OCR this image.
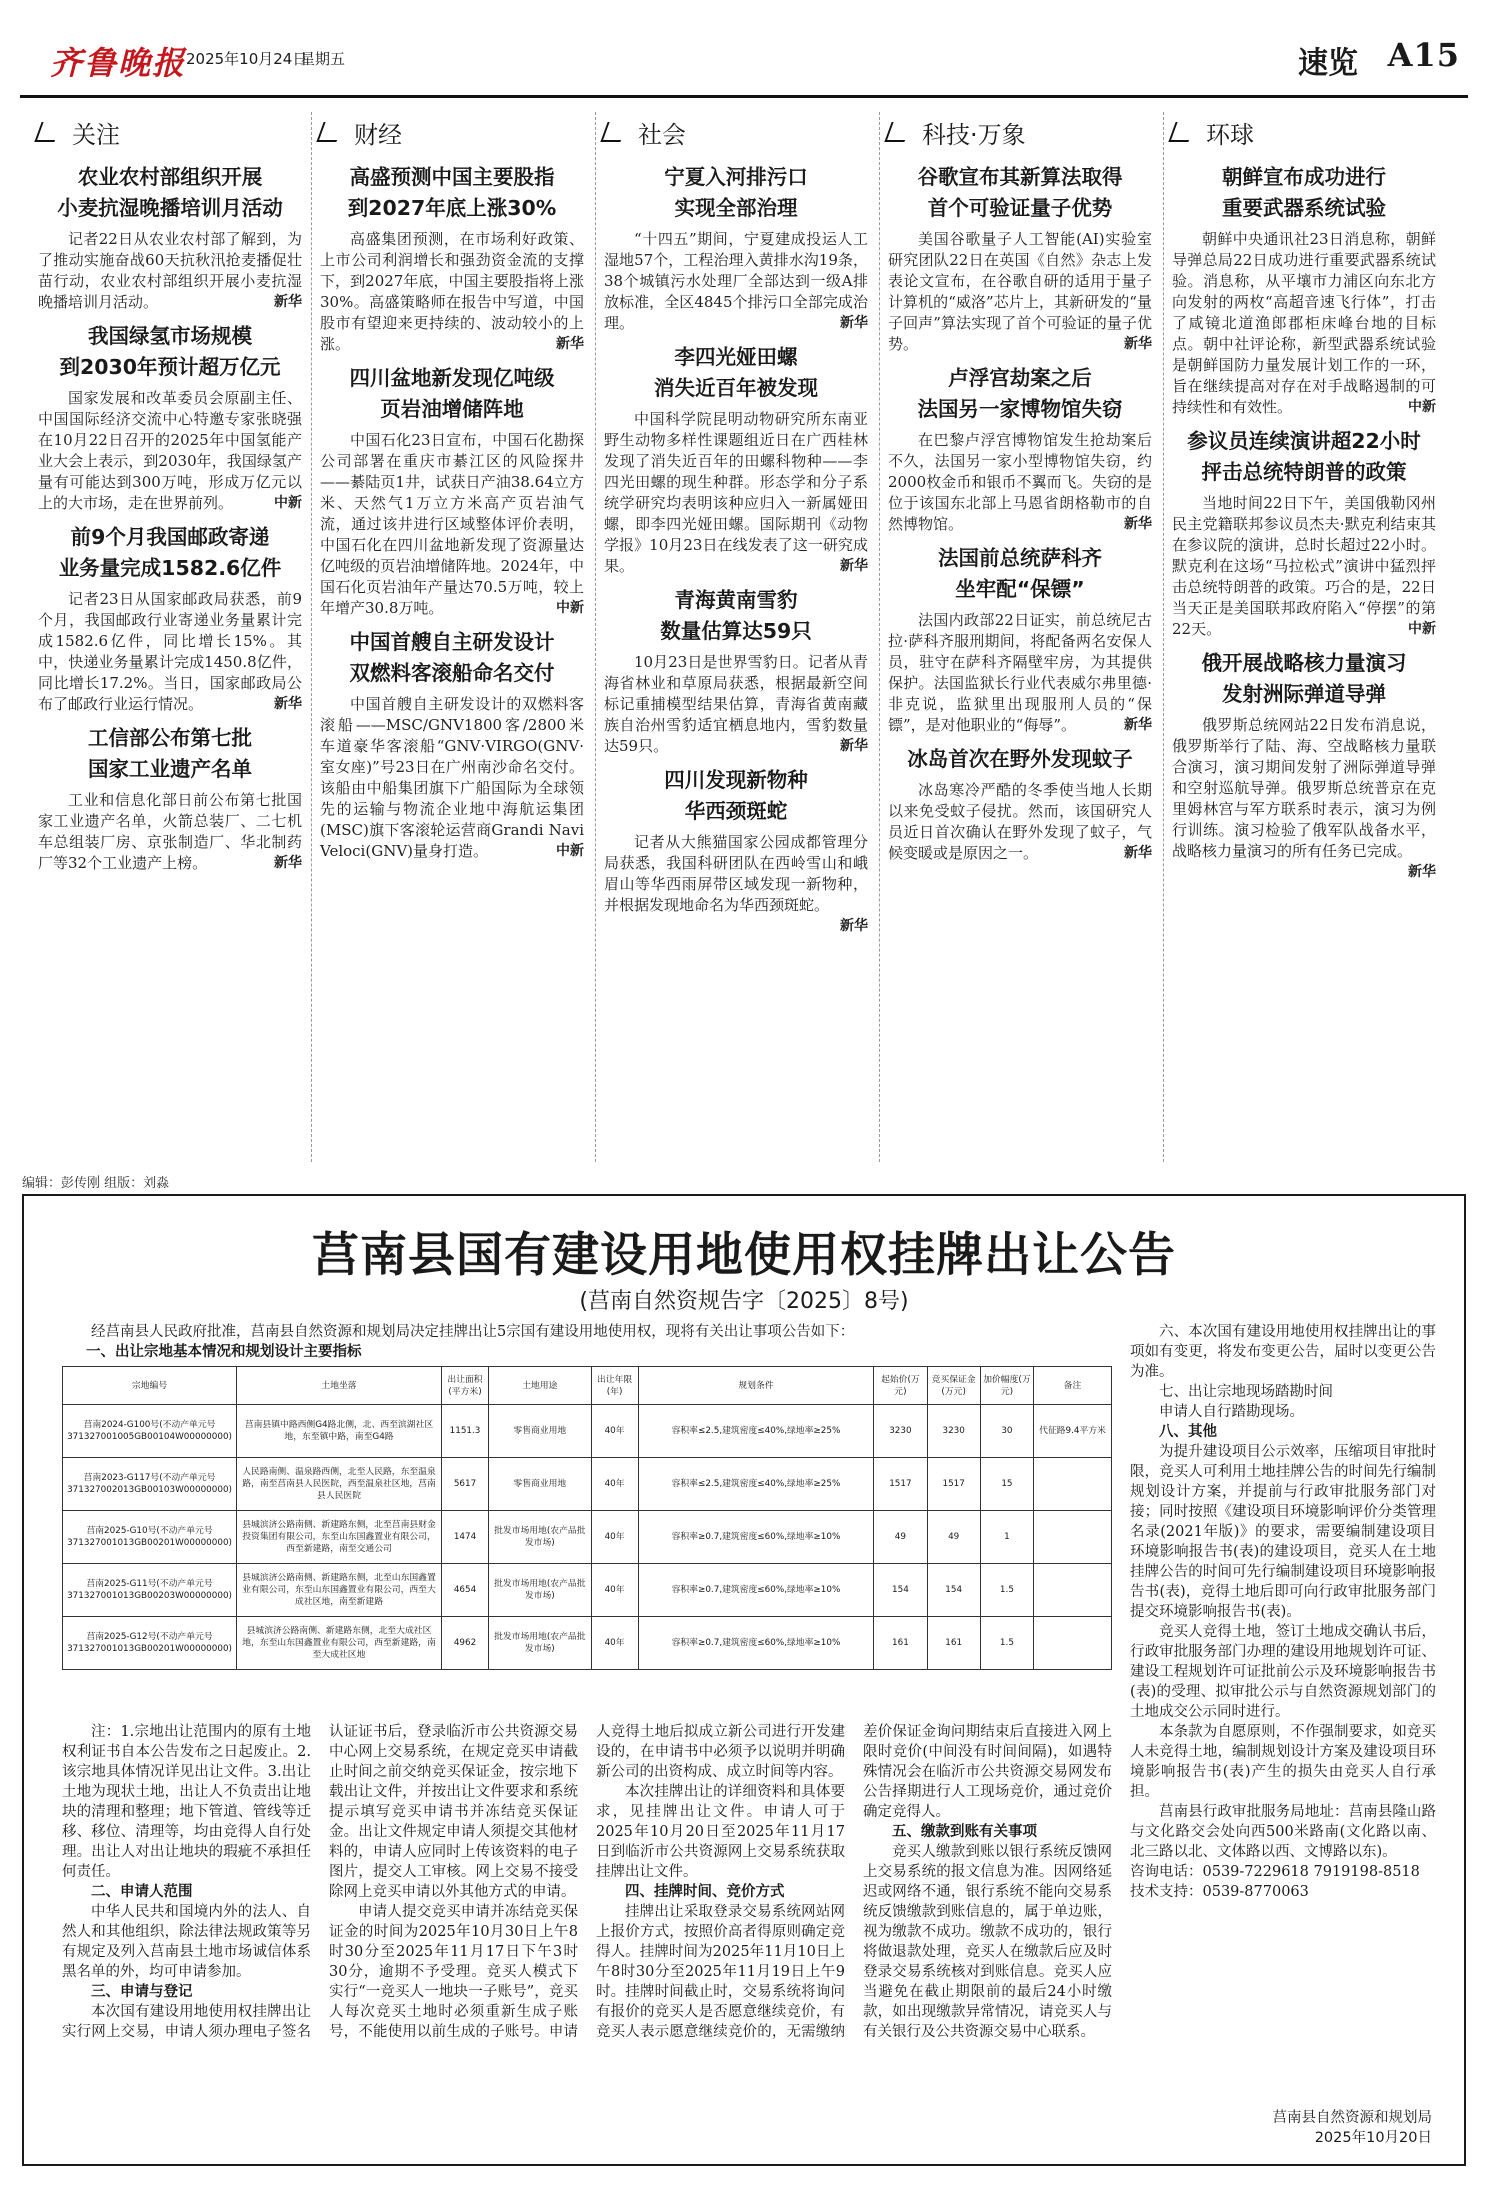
齐鲁晚报 2025年10月24日
星期五	速览 A15
关注
农业农村部组织开展
小麦抗湿晚播培训月活动
记者22日从农业农村部了解到，为了推动实施奋战60天抗秋汛抢麦播促壮苗行动，农业农村部组织开展小麦抗湿晚播培训月活动。	新华
我国绿氢市场规模
到2030年预计超万亿元
国家发展和改革委员会原副主任、中国国际经济交流中心特邀专家张晓强在10月22日召开的2025年中国氢能产业大会上表示，到2030年，我国绿氢产量有可能达到300万吨，形成万亿元以上的大市场，走在世界前列。	中新
前9个月我国邮政寄递
业务量完成1582.6亿件
记者23日从国家邮政局获悉，前9个月，我国邮政行业寄递业务量累计完成1582.6亿件，同比增长15%。其中，快递业务量累计完成1450.8亿件，同比增长17.2%。当日，国家邮政局公布了邮政行业运行情况。	新华
工信部公布第七批
国家工业遗产名单
工业和信息化部日前公布第七批国家工业遗产名单，火箭总装厂、二七机车总组装厂房、京张制造厂、华北制药厂等32个工业遗产上榜。	新华
财经
高盛预测中国主要股指
到2027年底上涨30%
高盛集团预测，在市场利好政策、上市公司利润增长和强劲资金流的支撑下，到2027年底，中国主要股指将上涨30%。高盛策略师在报告中写道，中国股市有望迎来更持续的、波动较小的上涨。	新华
四川盆地新发现亿吨级
页岩油增储阵地
中国石化23日宣布，中国石化勘探公司部署在重庆市綦江区的风险探井——綦陆页1井，试获日产油38.64立方米、天然气1万立方米高产页岩油气流，通过该井进行区域整体评价表明，中国石化在四川盆地新发现了资源量达亿吨级的页岩油增储阵地。2024年，中国石化页岩油年产量达70.5万吨，较上年增产30.8万吨。	中新
中国首艘自主研发设计
双燃料客滚船命名交付
中国首艘自主研发设计的双燃料客滚船——MSC/GNV1800客/2800米车道豪华客滚船“GNV·VIRGO(GNV·室女座)”号23日在广州南沙命名交付。该船由中船集团旗下广船国际为全球领先的运输与物流企业地中海航运集团(MSC)旗下客滚轮运营商Grandi Navi Veloci(GNV)量身打造。	中新
社会
宁夏入河排污口
实现全部治理
“十四五”期间，宁夏建成投运人工湿地57个，工程治理入黄排水沟19条，38个城镇污水处理厂全部达到一级A排放标准，全区4845个排污口全部完成治理。	新华
李四光娅田螺
消失近百年被发现
中国科学院昆明动物研究所东南亚野生动物多样性课题组近日在广西桂林发现了消失近百年的田螺科物种——李四光田螺的现生种群。形态学和分子系统学研究均表明该种应归入一新属娅田螺，即李四光娅田螺。国际期刊《动物学报》10月23日在线发表了这一研究成果。	新华
青海黄南雪豹
数量估算达59只
10月23日是世界雪豹日。记者从青海省林业和草原局获悉，根据最新空间标记重捕模型结果估算，青海省黄南藏族自治州雪豹适宜栖息地内，雪豹数量达59只。	新华
四川发现新物种
华西颈斑蛇
记者从大熊猫国家公园成都管理分局获悉，我国科研团队在西岭雪山和峨眉山等华西雨屏带区域发现一新物种，并根据发现地命名为华西颈斑蛇。
新华
科技·万象
谷歌宣布其新算法取得
首个可验证量子优势
美国谷歌量子人工智能(AI)实验室研究团队22日在英国《自然》杂志上发表论文宣布，在谷歌自研的适用于量子计算机的“威洛”芯片上，其新研发的“量子回声”算法实现了首个可验证的量子优势。	新华
卢浮宫劫案之后
法国另一家博物馆失窃
在巴黎卢浮宫博物馆发生抢劫案后不久，法国另一家小型博物馆失窃，约2000枚金币和银币不翼而飞。失窃的是位于该国东北部上马恩省朗格勒市的自然博物馆。	新华
法国前总统萨科齐
坐牢配“保镖”
法国内政部22日证实，前总统尼古拉·萨科齐服刑期间，将配备两名安保人员，驻守在萨科齐隔壁牢房，为其提供保护。法国监狱长行业代表威尔弗里德·非克说，监狱里出现服刑人员的“保镖”，是对他职业的“侮辱”。	新华
冰岛首次在野外发现蚊子
冰岛寒冷严酷的冬季使当地人长期以来免受蚊子侵扰。然而，该国研究人员近日首次确认在野外发现了蚊子，气候变暖或是原因之一。	新华
环球
朝鲜宣布成功进行
重要武器系统试验
朝鲜中央通讯社23日消息称，朝鲜导弹总局22日成功进行重要武器系统试验。消息称，从平壤市力浦区向东北方向发射的两枚“高超音速飞行体”，打击了咸镜北道渔郎郡柜床峰台地的目标点。朝中社评论称，新型武器系统试验是朝鲜国防力量发展计划工作的一环，旨在继续提高对存在对手战略遏制的可持续性和有效性。	中新
参议员连续演讲超22小时
抨击总统特朗普的政策
当地时间22日下午，美国俄勒冈州民主党籍联邦参议员杰夫·默克利结束其在参议院的演讲，总时长超过22小时。默克利在这场“马拉松式”演讲中猛烈抨击总统特朗普的政策。巧合的是，22日当天正是美国联邦政府陷入“停摆”的第22天。	中新
俄开展战略核力量演习
发射洲际弹道导弹
俄罗斯总统网站22日发布消息说，俄罗斯举行了陆、海、空战略核力量联合演习，演习期间发射了洲际弹道导弹和空射巡航导弹。俄罗斯总统普京在克里姆林宫与军方联系时表示，演习为例行训练。演习检验了俄军队战备水平，战略核力量演习的所有任务已完成。
新华
编辑：彭传刚 组版：刘淼
莒南县国有建设用地使用权挂牌出让公告
(莒南自然资规告字〔2025〕8号)
经莒南县人民政府批准，莒南县自然资源和规划局决定挂牌出让5宗国有建设用地使用权，现将有关出让事项公告如下：
一、出让宗地基本情况和规划设计主要指标
宗地编号	土地坐落	出让面积(平方米)	土地用途	出让年限(年)	规划条件	起始价(万元)	竞买保证金(万元)	加价幅度(万元)	备注
莒南2024-G100号(不动产单元号371327001005GB00104W00000000)	莒南县镇中路西侧G4路北侧，北、西至滨湖社区地，东至镇中路，南至G4路	1151.3	零售商业用地	40年	容积率≤2.5,建筑密度≤40%,绿地率≥25%	3230	3230	30	代征路9.4平方米
莒南2023-G117号(不动产单元号371327002013GB00103W00000000)	人民路南侧、温泉路西侧，北至人民路，东至温泉路，南至莒南县人民医院，西至温泉社区地，莒南县人民医院	5617	零售商业用地	40年	容积率≤2.5,建筑密度≤40%,绿地率≥25%	1517	1517	15	
莒南2025-G10号(不动产单元号371327001013GB00201W00000000)	县城滨济公路南侧、新建路东侧，北至莒南县财金投资集团有限公司，东至山东国鑫置业有限公司，西至新建路，南至交通公司	1474	批发市场用地(农产品批发市场)	40年	容积率≥0.7,建筑密度≤60%,绿地率≥10%	49	49	1	
莒南2025-G11号(不动产单元号371327001013GB00203W00000000)	县城滨济公路南侧、新建路东侧，北至山东国鑫置业有限公司，东至山东国鑫置业有限公司，西至大成社区地，南至新建路	4654	批发市场用地(农产品批发市场)	40年	容积率≥0.7,建筑密度≤60%,绿地率≥10%	154	154	1.5	
莒南2025-G12号(不动产单元号371327001013GB00201W00000000)	县城滨济公路南侧、新建路东侧，北至大成社区地，东至山东国鑫置业有限公司，西至新建路，南至大成社区地	4962	批发市场用地(农产品批发市场)	40年	容积率≥0.7,建筑密度≤60%,绿地率≥10%	161	161	1.5	

注：1.宗地出让范围内的原有土地权利证书自本公告发布之日起废止。2.该宗地具体情况详见出让文件。3.出让土地为现状土地，出让人不负责出让地块的清理和整理；地下管道、管线等迁移、移位、清理等，均由竞得人自行处理。出让人对出让地块的瑕疵不承担任何责任。

二、申请人范围

中华人民共和国境内外的法人、自然人和其他组织，除法律法规政策等另有规定及列入莒南县土地市场诚信体系黑名单的外，均可申请参加。

三、申请与登记

本次国有建设用地使用权挂牌出让实行网上交易，申请人须办理电子签名认证证书后，登录临沂市公共资源交易中心网上交易系统，在规定竞买申请截止时间之前交纳竞买保证金，按宗地下载出让文件，并按出让文件要求和系统提示填写竞买申请书并冻结竞买保证金。出让文件规定申请人须提交其他材料的，申请人应同时上传该资料的电子图片，提交人工审核。网上交易不接受除网上竞买申请以外其他方式的申请。

申请人提交竞买申请并冻结竞买保证金的时间为2025年10月30日上午8时30分至2025年11月17日下午3时30分，逾期不予受理。竞买人模式下实行“一竞买人一地块一子账号”，竞买人每次竞买土地时必须重新生成子账号，不能使用以前生成的子账号。申请人竞得土地后拟成立新公司进行开发建设的，在申请书中必须予以说明并明确新公司的出资构成、成立时间等内容。

本次挂牌出让的详细资料和具体要求，见挂牌出让文件。申请人可于2025年10月20日至2025年11月17日到临沂市公共资源网上交易系统获取挂牌出让文件。

四、挂牌时间、竞价方式

挂牌出让采取登录交易系统网站网上报价方式，按照价高者得原则确定竞得人。挂牌时间为2025年11月10日上午8时30分至2025年11月19日上午9时。挂牌时间截止时，交易系统将询问有报价的竞买人是否愿意继续竞价，有竞买人表示愿意继续竞价的，无需缴纳差价保证金询问期结束后直接进入网上限时竞价(中间没有时间间隔)，如遇特殊情况会在临沂市公共资源交易网发布公告择期进行人工现场竞价，通过竞价确定竞得人。

五、缴款到账有关事项

竞买人缴款到账以银行系统反馈网上交易系统的报文信息为准。因网络延迟或网络不通，银行系统不能向交易系统反馈缴款到账信息的，属于单边账，视为缴款不成功。缴款不成功的，银行将做退款处理，竞买人在缴款后应及时登录交易系统核对到账信息。竞买人应当避免在截止期限前的最后24小时缴款，如出现缴款异常情况，请竞买人与有关银行及公共资源交易中心联系。

六、本次国有建设用地使用权挂牌出让的事项如有变更，将发布变更公告，届时以变更公告为准。

七、出让宗地现场踏勘时间

申请人自行踏勘现场。

八、其他

为提升建设项目公示效率，压缩项目审批时限，竞买人可利用土地挂牌公告的时间先行编制规划设计方案，并提前与行政审批服务部门对接；同时按照《建设项目环境影响评价分类管理名录(2021年版)》的要求，需要编制建设项目环境影响报告书(表)的建设项目，竞买人在土地挂牌公告的时间可先行编制建设项目环境影响报告书(表)，竞得土地后即可向行政审批服务部门提交环境影响报告书(表)。

竞买人竞得土地，签订土地成交确认书后，行政审批服务部门办理的建设用地规划许可证、建设工程规划许可证批前公示及环境影响报告书(表)的受理、拟审批公示与自然资源规划部门的土地成交公示同时进行。

本条款为自愿原则，不作强制要求，如竞买人未竞得土地，编制规划设计方案及建设项目环境影响报告书(表)产生的损失由竞买人自行承担。

莒南县行政审批服务局地址：莒南县隆山路与文化路交会处向西500米路南(文化路以南、北三路以北、文体路以西、文博路以东)。

咨询电话：0539-7229618 7919198-8518

技术支持：0539-8770063

莒南县自然资源和规划局
2025年10月20日
